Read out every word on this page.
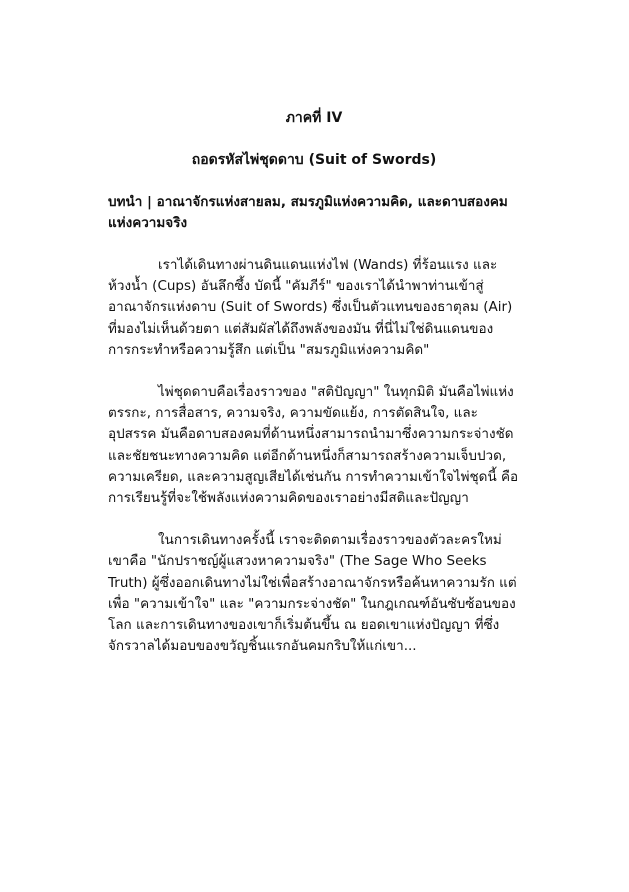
ภาคที่ IV

ถอดรหัสไพ่ชุดดาบ (Suit of Swords)

บทนำ | อาณาจักรแห่งสายลม, สมรภูมิแห่งความคิด, และดาบสองคมแห่งความจริง

เราได้เดินทางผ่านดินแดนแห่งไฟ (Wands) ที่ร้อนแรง และห้วงน้ำ (Cups) อันลึกซึ้ง บัดนี้ "คัมภีร์" ของเราได้นำพาท่านเข้าสู่ อาณาจักรแห่งดาบ (Suit of Swords) ซึ่งเป็นตัวแทนของธาตุลม (Air) ที่มองไม่เห็นด้วยตา แต่สัมผัสได้ถึงพลังของมัน ที่นี่ไม่ใช่ดินแดนของการกระทำหรือความรู้สึก แต่เป็น "สมรภูมิแห่งความคิด"

ไพ่ชุดดาบคือเรื่องราวของ "สติปัญญา" ในทุกมิติ มันคือไพ่แห่งตรรกะ, การสื่อสาร, ความจริง, ความขัดแย้ง, การตัดสินใจ, และอุปสรรค มันคือดาบสองคมที่ด้านหนึ่งสามารถนำมาซึ่งความกระจ่างชัดและชัยชนะทางความคิด แต่อีกด้านหนึ่งก็สามารถสร้างความเจ็บปวด, ความเครียด, และความสูญเสียได้เช่นกัน การทำความเข้าใจไพ่ชุดนี้ คือการเรียนรู้ที่จะใช้พลังแห่งความคิดของเราอย่างมีสติและปัญญา

ในการเดินทางครั้งนี้ เราจะติดตามเรื่องราวของตัวละครใหม่ เขาคือ "นักปราชญ์ผู้แสวงหาความจริง" (The Sage Who Seeks Truth) ผู้ซึ่งออกเดินทางไม่ใช่เพื่อสร้างอาณาจักรหรือค้นหาความรัก แต่เพื่อ "ความเข้าใจ" และ "ความกระจ่างชัด" ในกฎเกณฑ์อันซับซ้อนของโลก และการเดินทางของเขาก็เริ่มต้นขึ้น ณ ยอดเขาแห่งปัญญา ที่ซึ่งจักรวาลได้มอบของขวัญชิ้นแรกอันคมกริบให้แก่เขา...
